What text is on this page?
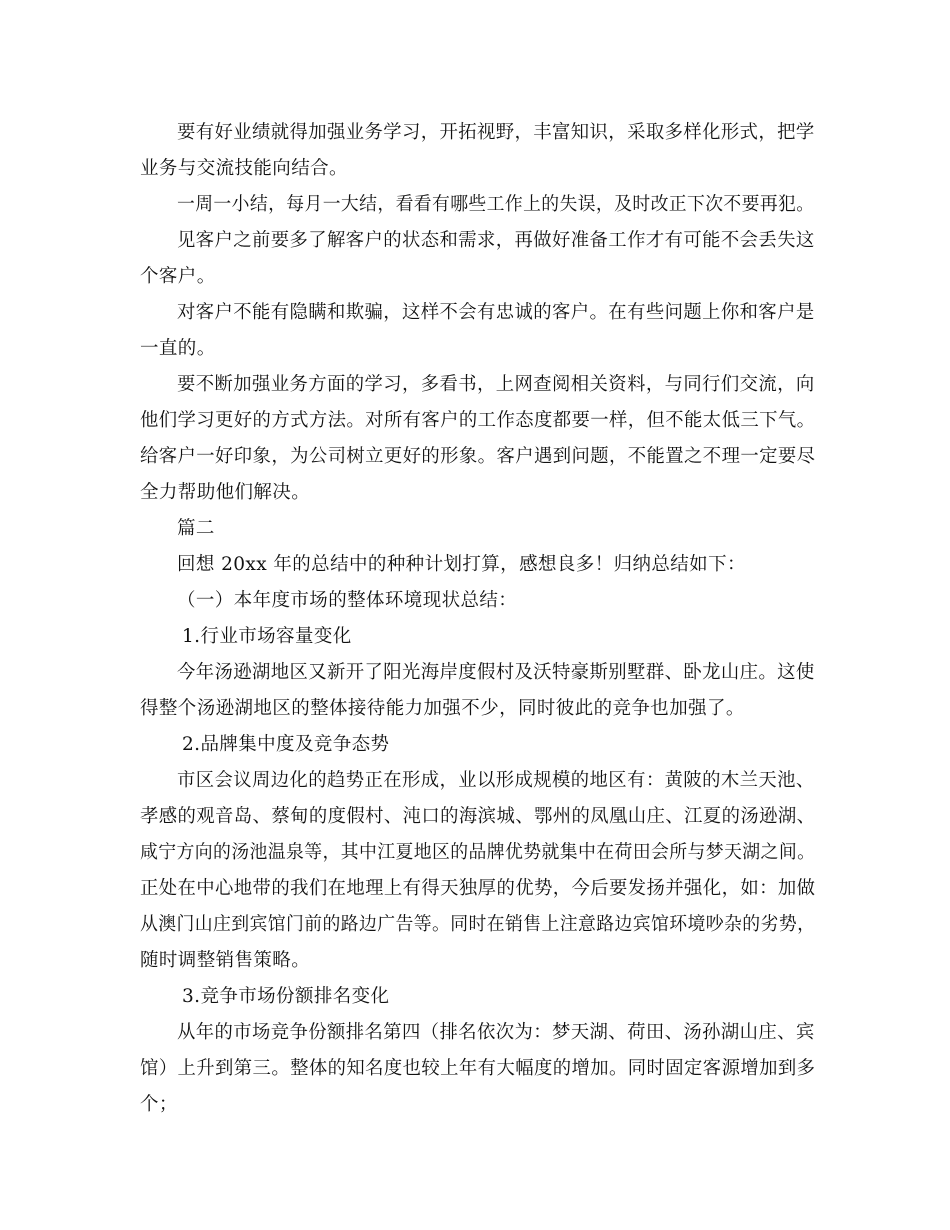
要有好业绩就得加强业务学习，开拓视野，丰富知识，采取多样化形式，把学
业务与交流技能向结合。
一周一小结，每月一大结，看看有哪些工作上的失误，及时改正下次不要再犯。
见客户之前要多了解客户的状态和需求，再做好准备工作才有可能不会丢失这
个客户。
对客户不能有隐瞒和欺骗，这样不会有忠诚的客户。在有些问题上你和客户是
一直的。
要不断加强业务方面的学习，多看书，上网查阅相关资料，与同行们交流，向
他们学习更好的方式方法。对所有客户的工作态度都要一样，但不能太低三下气。
给客户一好印象，为公司树立更好的形象。客户遇到问题，不能置之不理一定要尽
全力帮助他们解决。
篇二
回想 20xx 年的总结中的种种计划打算，感想良多！归纳总结如下：
（一）本年度市场的整体环境现状总结：
1.行业市场容量变化
今年汤逊湖地区又新开了阳光海岸度假村及沃特豪斯别墅群、卧龙山庄。这使
得整个汤逊湖地区的整体接待能力加强不少，同时彼此的竞争也加强了。
2.品牌集中度及竞争态势
市区会议周边化的趋势正在形成，业以形成规模的地区有：黄陂的木兰天池、
孝感的观音岛、蔡甸的度假村、沌口的海滨城、鄂州的凤凰山庄、江夏的汤逊湖、
咸宁方向的汤池温泉等，其中江夏地区的品牌优势就集中在荷田会所与梦天湖之间。
正处在中心地带的我们在地理上有得天独厚的优势，今后要发扬并强化，如：加做
从澳门山庄到宾馆门前的路边广告等。同时在销售上注意路边宾馆环境吵杂的劣势，
随时调整销售策略。
3.竞争市场份额排名变化
从年的市场竞争份额排名第四（排名依次为：梦天湖、荷田、汤孙湖山庄、宾
馆）上升到第三。整体的知名度也较上年有大幅度的增加。同时固定客源增加到多
个；
